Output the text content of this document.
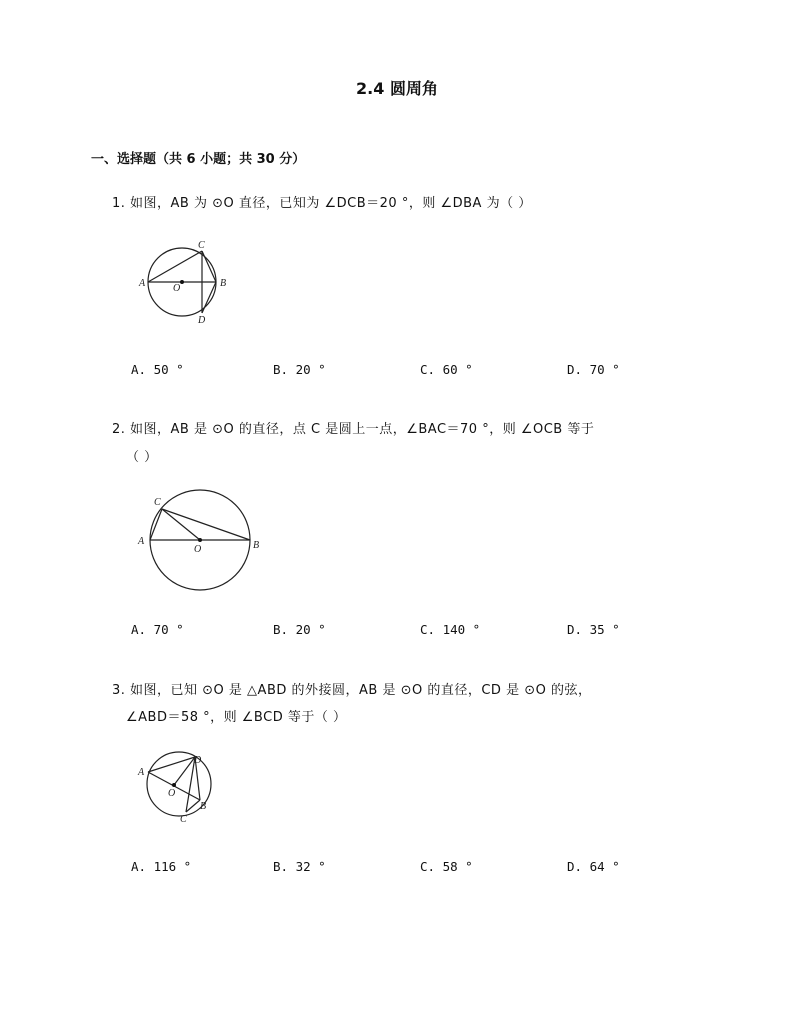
2.4 圆周角
一、选择题（共 6 小题；共 30 分）
1. 如图，AB 为 ⊙O 直径，已知为 ∠DCB＝20 °，则 ∠DBA 为（ ）
A	B
C
D
O
A. 50 °	B. 20 °	C. 60 °	D. 70 °
2. 如图，AB 是 ⊙O 的直径，点 C 是圆上一点，∠BAC＝70 °，则 ∠OCB 等于
（ ）
A	B
C
O
A. 70 °	B. 20 °	C. 140 °	D. 35 °
3. 如图，已知 ⊙O 是 △ABD 的外接圆，AB 是 ⊙O 的直径，CD 是 ⊙O 的弦，
∠ABD＝58 °，则 ∠BCD 等于（ ）
A
B
C
D
O
A. 116 °	B. 32 °	C. 58 °	D. 64 °
